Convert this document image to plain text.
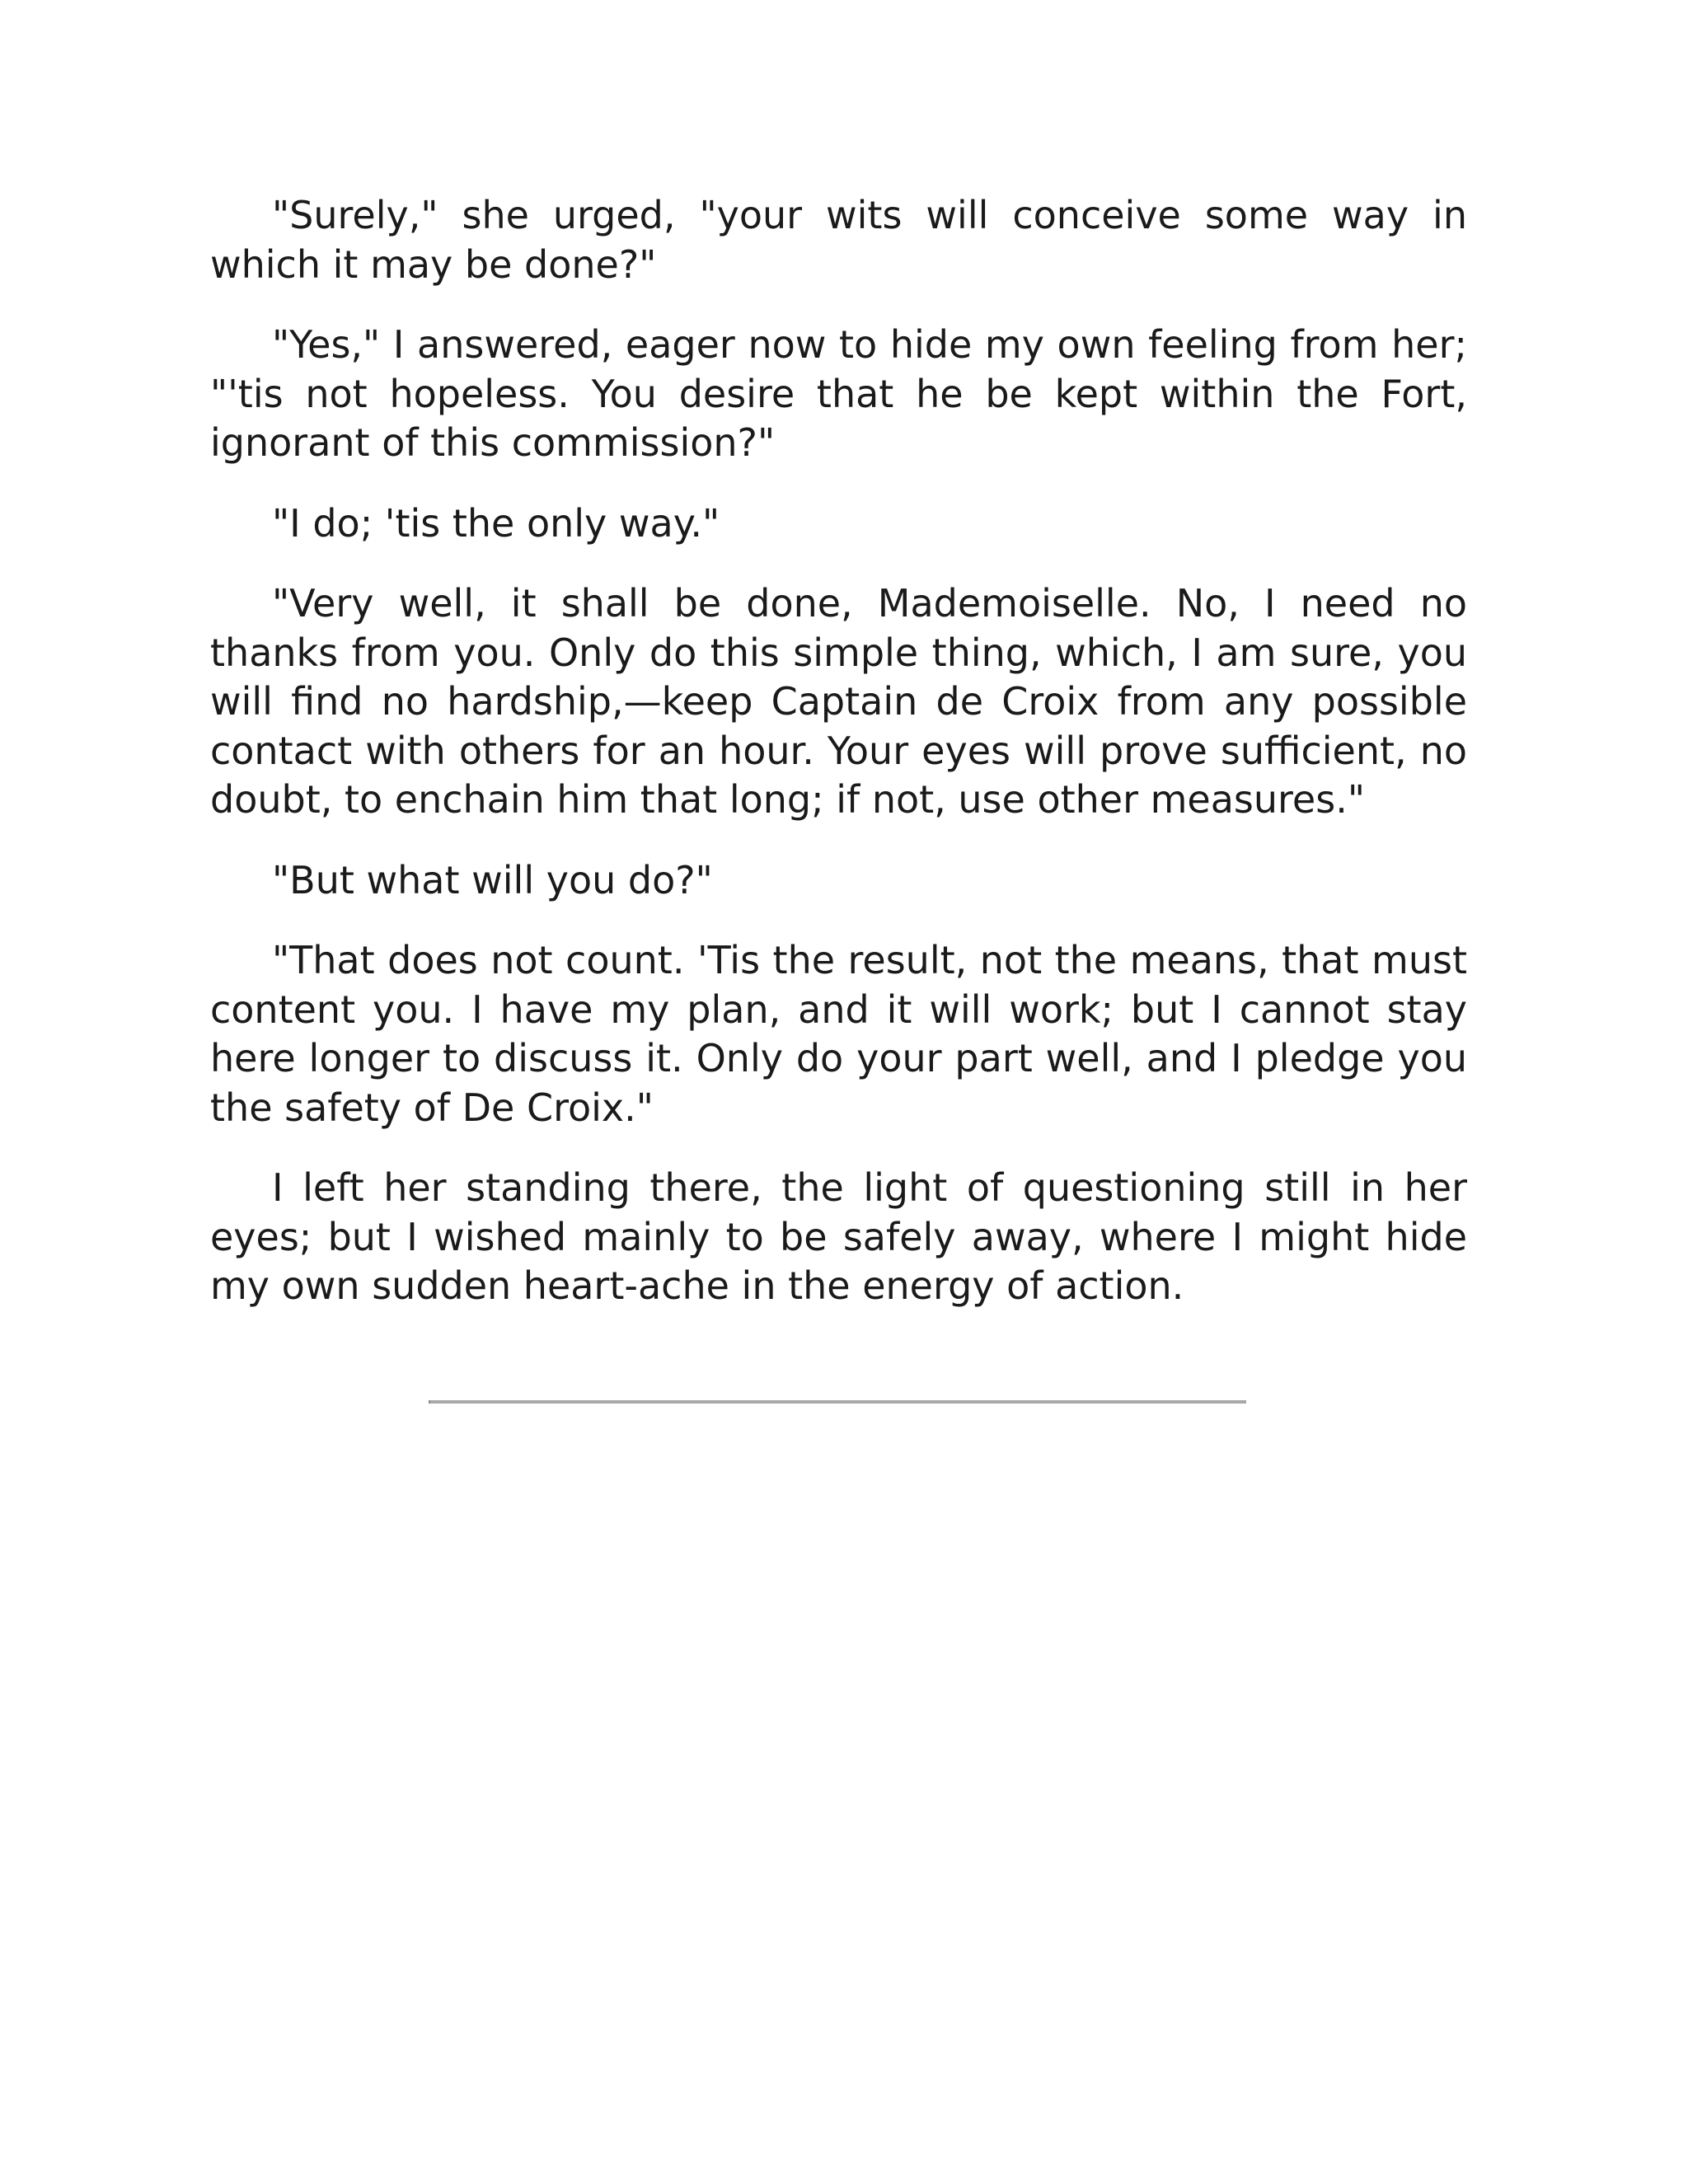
"Surely," she urged, "your wits will conceive some way in which it may be done?"

"Yes," I answered, eager now to hide my own feeling from her; "'tis not hopeless. You desire that he be kept within the Fort, ignorant of this commission?"

"I do; 'tis the only way."

"Very well, it shall be done, Mademoiselle. No, I need no thanks from you. Only do this simple thing, which, I am sure, you will find no hardship,—keep Captain de Croix from any possible contact with others for an hour. Your eyes will prove sufficient, no doubt, to enchain him that long; if not, use other measures."

"But what will you do?"

"That does not count. 'Tis the result, not the means, that must content you. I have my plan, and it will work; but I cannot stay here longer to discuss it. Only do your part well, and I pledge you the safety of De Croix."

I left her standing there, the light of questioning still in her eyes; but I wished mainly to be safely away, where I might hide my own sudden heart-ache in the energy of action.
